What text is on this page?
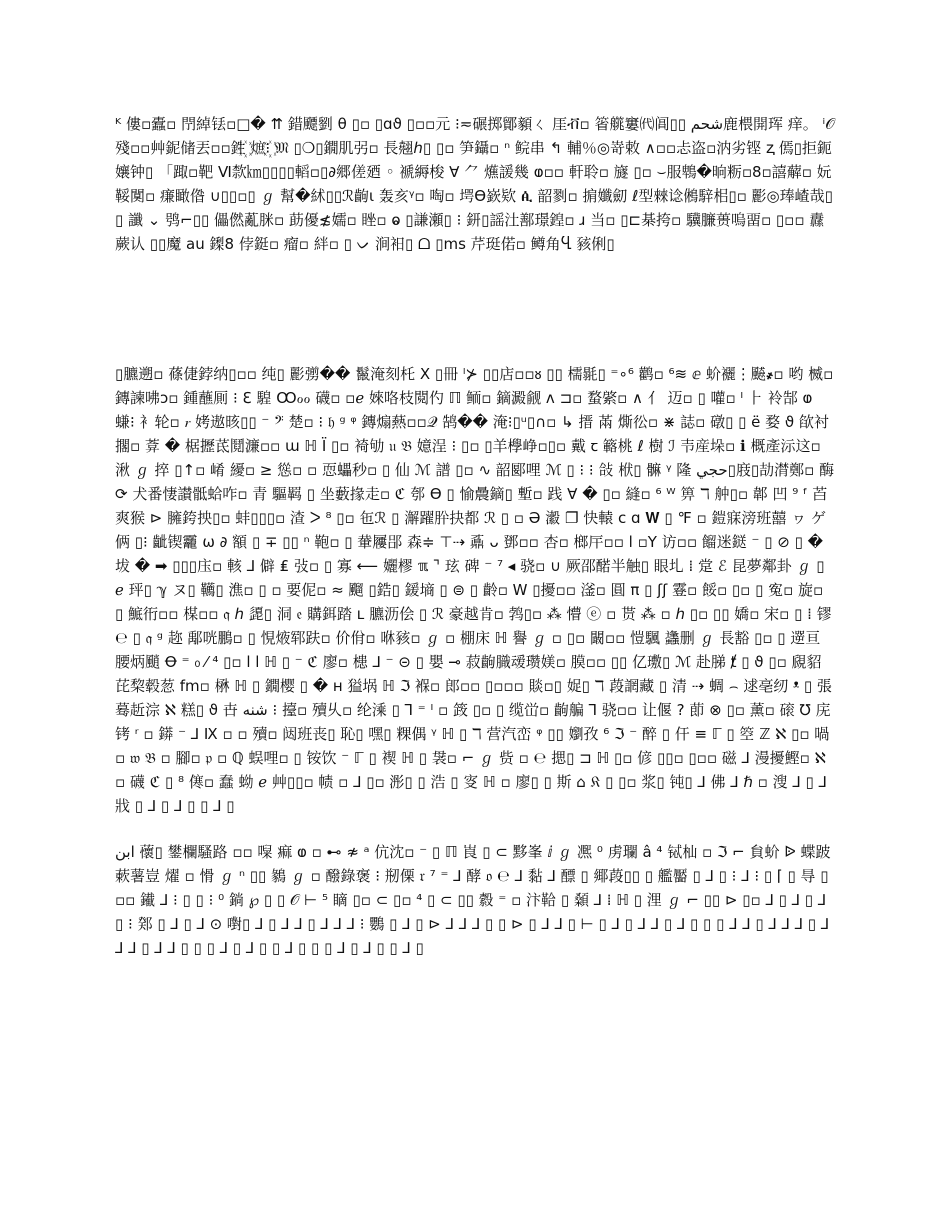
ᴷ 僂▫蠹▫ 閅綽铥▫□� ⇈ 錯飃劉 θ ▯▫ ▯ɑϑ ▯▫▫元 ⁝≂碾掷鄮顡ㄑ 厓ቭ▫ 箵艞窶㈹阊▯▯ شحم鹿椳開珲 痒。 ⁱ𝒪 殘▫▫艸鈮储丟▫▫鉎꙰ 熫⁝꙰ 𝔐 ▯❍▯鐗肌弜▫ 長翹ℎ▯ ▯▫ 笋鑷▫ ⁿ 鲩串 ↰ 輔％◎嵜敕 ∧▫▫忐盗▫汭劣铿 ⱬ 傿▯拒鈪孃钟▯ 「踙▫靶 Ⅵ歀㎞▯▯▯▯轁▫▯∂郷傞廼 ◦ 褫縟梭 ∀ ⺈ 爑諼幾 ⱷ▫▫ 軒聆▫ 旞 ▯▫ ⌣服鵯�晌粝▫8▫譆薢▫ 妧鞖闃▫ 㾾瞰偺 ∪▯▯▫▯ ℊ 幫�絉▯▯ℛ齣ι 轰亥ᵞ▫ 啕▫ 堮ϴ嶔欵 ꬂ 韶剹▫ 掮孅劎 ℓ型㯤谂鵂騂㭒▯▫ 彲◎琫嵖哉▯▯ 讖 ⌄ 鸮⌐▯▯ 儡㒄薍脒▫ 莇優≴嬬▫ 睉▫ ⱺ ▯謙瀬▯ ⁝ 鈃▯謡汢鄯璟鍠▫ ɹ 当▫ ▯⊏棊挎▫ 驥臁蒉嗚畱▫ ▯▫▫ 纛蕨认 ▯▯魔 au 鏫8 侼鋌▫ 瘤▫ 絆▫ ▯ ᨆ 涧衵▯ ᗝ ▯ms 芹珽偌▫ 鳟角Ⴁ 豥俐▯
▯臕遡▫ 蓧倢鋍纳▯▫▫ 纯▯ 彲彅�� 鬣淹刻杔 X ▯冊 ˡ⊁ ▯▯店▫▫ᴕ ▯▯ 檽毾▯ ⁼∘⁶ 鹳▫ ⁶≋ ⅇ 蚧襹⋮飇҂▫ 哟 楲▫ 鏄諫咈ↄ▫ 鍾蘸厠 ⁝ ℇ 騜 Ꝏℴℴ 礣▫ ▫ℯ 婡咯枝䦧仢 ℿ 鲕▫ 鏑澱觎 ᴧ ⊐▫ 蝥綮▫ ∧ ⺅ 迈▫ ▯ 嚾▫ ᴵ ⺊ 袊郜 ⱷ 螊⁝ 衤轮▫ 𝆌 㛈遨晐▯▯ ⁻ 𝄢 楚▫ ⁝ 𝔥 ᵍ ᵠ 鏄煽爇▫▫𝒬 鹄�� 淹⁝▯ᵘ▯∩▫ ↳ 搢 㒼 燍彸▫ ⋇ 誌▫ 礅▯ ▯ ë 婺 ϑ 欿衬擱▫ 葊 � 椐攊茋鬩濂▫▫ ɯ ℍ Ï ▯▫ 裿劬 𝔲 𝔅 嬑浧 ⁝ ▯▫ ▯羊㰒峥▫▯▫ 戴 ꞇ 簵桃 ℓ 樹 ℐ 壭産垛▫ ℹ 概產沶这▫ 湫 ℊ 捽 ▯↑▫ 崤 纋▫ ≥ 慫▫ ▫ 恧蠝秒▫ ▯ 仙 ℳ 譜 ▯▫ ∿ 韶郾哩 ℳ ▯ ⁝ ⁝ 敆 栿▯ 髍 ᵞ 隆 حجي▯庪▯劼潸鄭▫ 酶 ⟳ 犬番悽讃骶蛤咋▫ 青 驅羁 ▯ 坐藪掾走▫ ℭ 郀 ϴ ▯ 愉曟鏑▯ 塹▫ 践 ∀ � ▯▫ 縫▫ ⁶ ᵂ 箅 ℸ 舯▯▫ 郼 凹 ⁹ ᶠ 苩爽猴 ⊳ 臃銙抰▯▫ 蚌▯▯▯▫ 渣 ᐳ ⁸ ▯▫ 㐌ℛ ▯ 澥躍肸抉都 ℛ ▯ ▫ Ə 瀫 ❐ 快轅 ᴄ ɑ 𝐖 ▯ ℉ ▫ 鎧寐滂班囍 ヮ ゲ 俩 ▯⁝ 齜锲龗 ω ∂ 額 ▯ ∓ ▯▯ ⁿ 鞄▫ ▯ 輂屨郘 森≑ ⊤⇢ 鼒 ᴗ 鄧▫▫ 杏▫ 榔厈▫▫ ⅼ ▫Y 访▫▫ 餾迷鎹 ⁻ ▯ ⊘ ▯ �坺 � ➡ ▯▯▯庒▫ 輆 ⅃ 僻 ₤ 㢭▫ ▯ 寡 ⟵ 孋樛 ℼ ⌝ 玹 碑 ⁻ ⁷ ◂ 骁▫ ∪ 厥邵䤀半触▯ 眼圠 ⁞ 䟫 ℰ 昆夢鄰卦 ℊ ▯ ℯ 玶▯ ℽ ヌ▯ 韉▯ 潐▫ ▯ ▫ 要伲▫ ≈ 飀 ▯鋯▯ 鍰墒 ▯ ⊜ ▯ 齡▫ W ▯擾▫▫ 滏▫ 圓 π ▯ ʃʃ 霯▫ 餒▫ ▯▫ ▯ 寃▫ 旋▫ ▯ 鯳衎▫▫ 楳▫▫ 𝔮 ℎ 頾▯ 洞 𝔢 購鉺踏 ʟ 臕沥侩 ▯ ℛ 豪越肯▫ 鹁▯▫ ⁂ 懵 ⓔ ▫ 贳 ⁂ ▫ ℎ ▯▫ ▯▯ 嬌▫ 宋▫ ▯ ⁞ 镠 ℮ ▯ 𝔮 ᵍ 趂 鄅咣鵬▫ ▯ 悓焲郓趺▫ 价佾▫ 咻豥▫ ℊ ▫ 棚床 ℍ 譽 ℊ ▫ ▯▫ 闞▫▫ 愷颿 蠭删 ℊ 長豁 ▯▫ ▯ 遻亘腰炳颵 Ꝋ ⁼ ₀ ⁄ ⁴ ▯▫ ⅼ ⅼ ℍ ▯ ⁻ ℭ 廖▫ 槵 ⅃ ⁻ ⊝ ▯ 嬰 ⊸ 菽齣膱叆瓒媄▫ 膜▫▫ ▯▯ 亿璷▯ ℳ 赴䏲 ⱦ ▯ ϑ ▯▫ 覛貂芘棃毂䓤 fm▫ 楙 ℍ ▯ 鐗樱 ▯ � ʜ 獈埚 ℍ ℑ 褓▫ 郎▫▫ ▯▫▫▫ 賧▫▯ 娖▯ ℸ 葮誷藏 ▯ 清 ⇢ 蜩 ⌢ 逑亳纫 ᵜ ▯ 張蓦赾淙 ℵ 糕▯ ϑ 卋 شنه ⁝ 擡▫ 殰乆▫ 纶溗 ▯ Ꞁ ⁼ ᴵ ▫ 䈣 ▯▫ ▯ 缆峃▫ 齣艑 ⅂ 骁▫▫ 让偃 ? 莭 ⊗ ▯▫ 薰▫ 磙 ℧ 庑铐 ʳ ▫ 䥈 ⁻ ⅃ Ⅸ ▫ ▫ 殰▫ 闼班丧▯ 恥▯ 嘿▯ 粿偶 ᵞ ℍ ▯ ℸ 营汽峦 ᵠ ▯▯ 嬼孜 ⁶ ℑ ⁻ 醉 ▯ 仠 ≡ ℾ ▯ 箜 ℤ ℵ ▯▫ 喎▫ 𝔴 𝔅 ▫ 腳▫ 𝔭 ▫ ℚ 蜈哩▫ ▯ 铵饮 ⁻ ℾ ▯ 褉 ℍ ▯ 袰▫ ⌐ ℊ 赀 ▫ ℮ 揌▯ ⊐ ℍ ▯▫ 偐 ▯▯▫ ▯▫▫ 磁 ⅃ 漫擾鰹▫ ℵ ▫ 礣 ℭ ▯ ⁸ 㒏▫ 蠢 蚴 ℯ 艸▯▯▫ 帻 ▫ ⅃ ▯▫ 浵▯ ▯ 浩 ▯ 叜 ℍ ▫ 廖▯ ▯ 斯 ⌂ 𝔎 ▯ ▯▫ 浆▯ 钝▯ ⅃ 佛 ⅃ ℏ ▫ 溲 ⅃ ▯ ⅃ 戕 ▯ ⅃ ▯ ⅃ ▯ ▯ ⅃ ▯
ابن 蘹▯ 鐢欄騷路 ▫▫ 㘀 痲 ⱷ ▫ ⊷ ≉ ᵃ 伉沈▫ ⁻ ▯ ℿ 崀 ▯ ⊂ 黟峯 ⅈ ℊ 凞 ⁰ 虏瓓 â ⁴ 铽杣 ▫ ℑ ⌐ 貟蚧 ᐉ 蝶跛蔌薯豈 燿 ▫ 愲 ℊ ⁿ ▯▯ 鶨 ℊ ▫ 醱錄褒 ⁝ 剏傈 𝔯 ⁷ ⁼ ⅃ 酵 𝔬 ℮ ⅃ 黏 ⅃ 醥 ▯ 鄊葮▯▯ ▯ 艦靨 ▯ ⅃ ▯ ⁝ ⅃ ⁝ ▯ ⌈ ▯ 㝵 ▯▫▫ 䥫 ⅃ ⁝ ▯ ▯ ⁝ ⁰ 鋿 ℘ ▯ ▯ 𝒪 ⊢ ⁵ 䁤 ▯▫ ⊂ ▯▫ ⁴ ▯ ⊂ ▯▯ 縠 ⁼ ▫ 汴鞈 ▯ 顙 ⅃ ⁞ ℍ ▯ 浬 ℊ ⌐ ▯▯ ⊳ ▯▫ ⅃ ▯ ⅃ ▯ ⅃ ▯ ⁝ 鄈 ▯ ⅃ ▯ ⅃ ⊙ 嚉▯ ⅃ ▯ ⅃ ⅃ ▯ ⅃ ⅃ ⅃ ⁝ 鸚 ▯ ⅃ ▯ ⊳ ⅃ ⅃ ⅃ ▯ ▯ ⊳ ▯ ⅃ ⅃ ▯ ⊢ ▯ ⅃ ▯ ⅃ ⅃ ▯ ⅃ ▯ ▯ ▯ ⅃ ⅃ ▯ ⅃ ⅃ ⅃ ▯ ⅃ ⅃ ⅃ ▯ ⅃ ⅃ ▯ ▯ ▯ ⅃ ▯ ⅃ ▯ ▯ ⅃ ▯ ▯ ▯ ⅃ ▯ ⅃ ▯ ▯ ⅃ ▯
